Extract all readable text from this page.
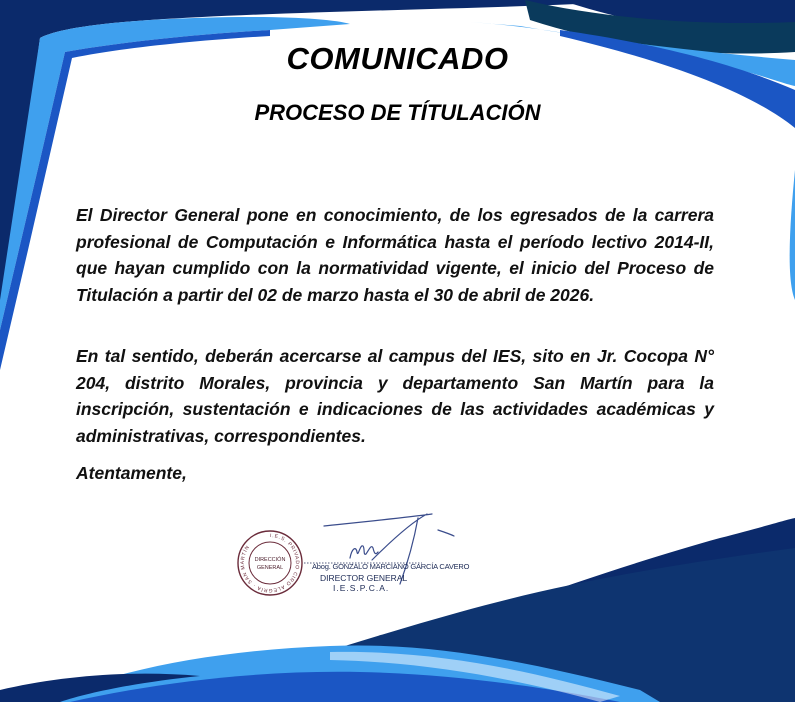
COMUNICADO
PROCESO DE TÍTULACIÓN

El Director General pone en conocimiento, de los egresados de la carrera profesional de Computación e Informática hasta el período lectivo 2014-II, que hayan cumplido con la normatividad vigente, el inicio del Proceso de Titulación a partir del 02 de marzo hasta el 30 de abril de 2026.

En tal sentido, deberán acercarse al campus del IES, sito en Jr. Cocopa N° 204, distrito Morales, provincia y departamento San Martín para la inscripción, sustentación e indicaciones de las actividades académicas y administrativas, correspondientes.

Atentamente,

DIRECCIÓN
GENERAL
I.E.S. PRIVADO CIRO ALEGRÍA · SAN MARTÍN
Abog. GONZALO MARCIANO GARCÍA CAVERO
DIRECTOR GENERAL
I.E.S.P.C.A.
